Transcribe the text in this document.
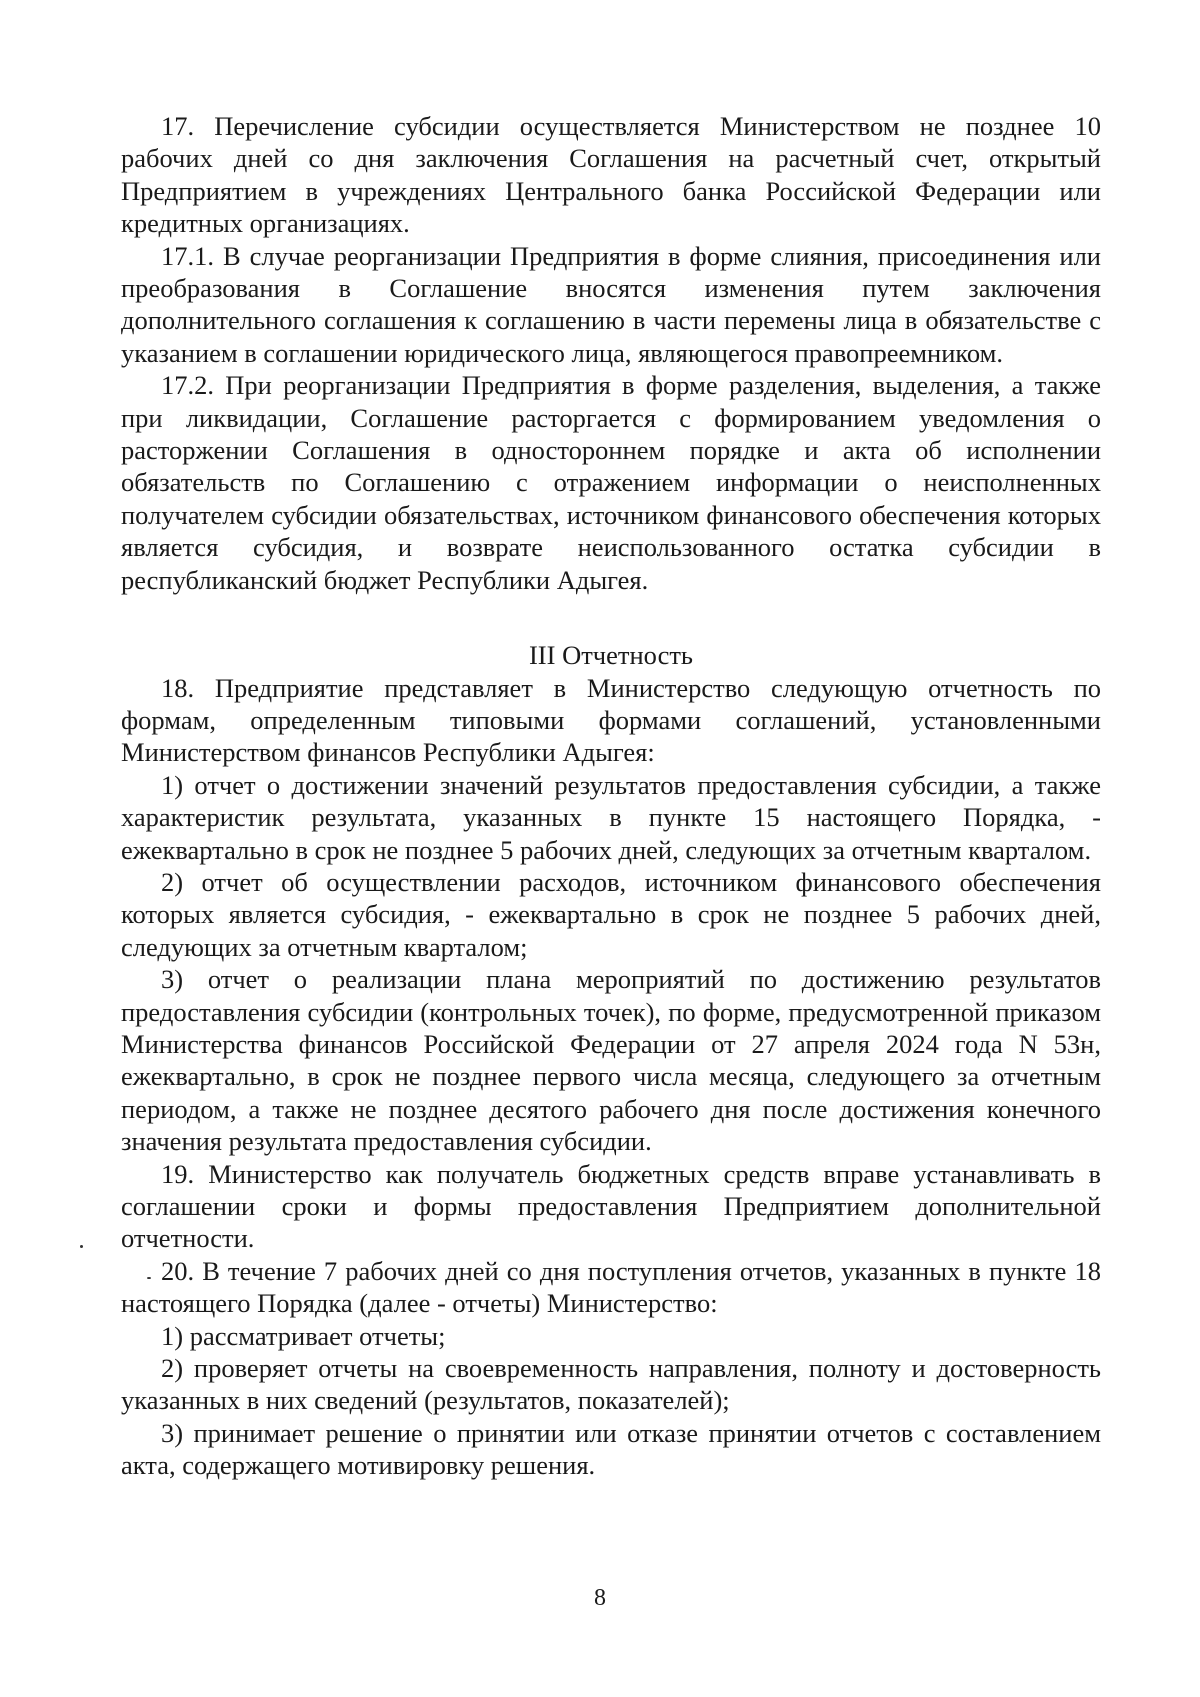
17. Перечисление субсидии осуществляется Министерством не позднее 10 рабочих дней со дня заключения Соглашения на расчетный счет, открытый Предприятием в учреждениях Центрального банка Российской Федерации или кредитных организациях.

17.1. В случае реорганизации Предприятия в форме слияния, присоединения или преобразования в Соглашение вносятся изменения путем заключения дополнительного соглашения к соглашению в части перемены лица в обязательстве с указанием в соглашении юридического лица, являющегося правопреемником.

17.2. При реорганизации Предприятия в форме разделения, выделения, а также при ликвидации, Соглашение расторгается с формированием уведомления о расторжении Соглашения в одностороннем порядке и акта об исполнении обязательств по Соглашению с отражением информации о неисполненных получателем субсидии обязательствах, источником финансового обеспечения которых является субсидия, и возврате неиспользованного остатка субсидии в республиканский бюджет Республики Адыгея.

III Отчетность

18. Предприятие представляет в Министерство следующую отчетность по формам, определенным типовыми формами соглашений, установленными Министерством финансов Республики Адыгея:

1) отчет о достижении значений результатов предоставления субсидии, а также характеристик результата, указанных в пункте 15 настоящего Порядка, - ежеквартально в срок не позднее 5 рабочих дней, следующих за отчетным кварталом.

2) отчет об осуществлении расходов, источником финансового обеспечения которых является субсидия, - ежеквартально в срок не позднее 5 рабочих дней, следующих за отчетным кварталом;

3) отчет о реализации плана мероприятий по достижению результатов предоставления субсидии (контрольных точек), по форме, предусмотренной приказом Министерства финансов Российской Федерации от 27 апреля 2024 года N 53н, ежеквартально, в срок не позднее первого числа месяца, следующего за отчетным периодом, а также не позднее десятого рабочего дня после достижения конечного значения результата предоставления субсидии.

19. Министерство как получатель бюджетных средств вправе устанавливать в соглашении сроки и формы предоставления Предприятием дополнительной отчетности.

20. В течение 7 рабочих дней со дня поступления отчетов, указанных в пункте 18 настоящего Порядка (далее - отчеты) Министерство:

1) рассматривает отчеты;

2) проверяет отчеты на своевременность направления, полноту и достоверность указанных в них сведений (результатов, показателей);

3) принимает решение о принятии или отказе принятии отчетов с составлением акта, содержащего мотивировку решения.

8
